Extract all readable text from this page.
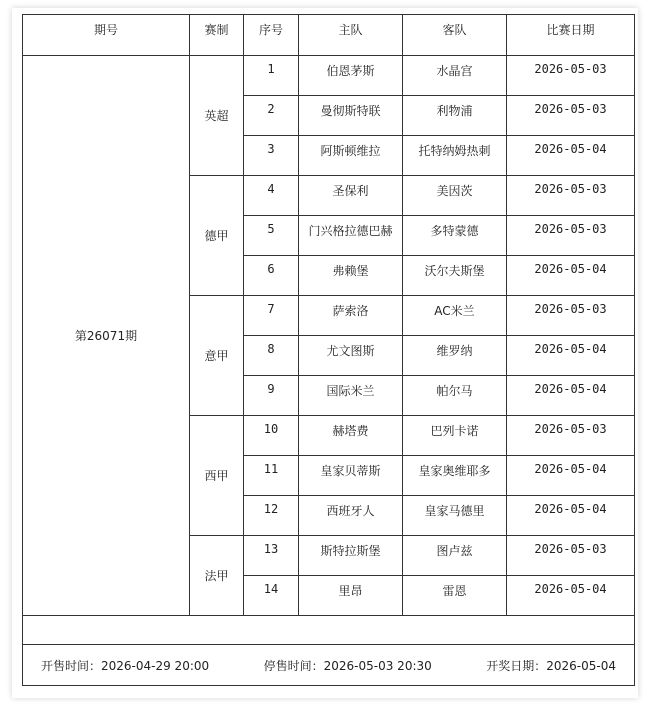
期号	赛制	序号	主队	客队	比赛日期
第26071期	英超	1	伯恩茅斯	水晶宫	2026-05-03
		2	曼彻斯特联	利物浦	2026-05-03
		3	阿斯顿维拉	托特纳姆热刺	2026-05-04
	德甲	4	圣保利	美因茨	2026-05-03
		5	门兴格拉德巴赫	多特蒙德	2026-05-03
		6	弗赖堡	沃尔夫斯堡	2026-05-04
	意甲	7	萨索洛	AC米兰	2026-05-03
		8	尤文图斯	维罗纳	2026-05-04
		9	国际米兰	帕尔马	2026-05-04
	西甲	10	赫塔费	巴列卡诺	2026-05-03
		11	皇家贝蒂斯	皇家奥维耶多	2026-05-04
		12	西班牙人	皇家马德里	2026-05-04
	法甲	13	斯特拉斯堡	图卢兹	2026-05-03
		14	里昂	雷恩	2026-05-04

开售时间：2026-04-29 20:00 停售时间：2026-05-03 20:30 开奖日期：2026-05-04					
